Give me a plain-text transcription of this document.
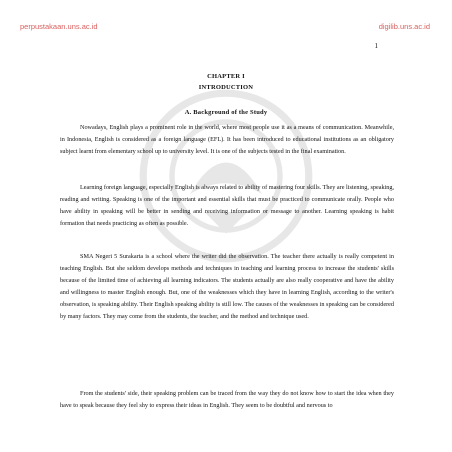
perpustakaan.uns.ac.id	digilib.uns.ac.id
1
CHAPTER I
INTRODUCTION
A. Background of the Study

Nowadays, English plays a prominent role in the world, where most people use it as a means of communication. Meanwhile, in Indonesia, English is considered as a foreign language (EFL). It has been introduced to educational institutions as an obligatory subject learnt from elementary school up to university level. It is one of the subjects tested in the final examination.

Learning foreign language, especially English is always related to ability of mastering four skills. They are listening, speaking, reading and writing. Speaking is one of the important and essential skills that must be practiced to communicate orally. People who have ability in speaking will be better in sending and receiving information or message to another. Learning speaking is habit formation that needs practicing as often as possible.

SMA Negeri 5 Surakarta is a school where the writer did the observation. The teacher there actually is really competent in teaching English. But she seldom develops methods and techniques in teaching and learning process to increase the students' skills because of the limited time of achieving all learning indicators. The students actually are also really cooperative and have the ability and willingness to master English enough. But, one of the weaknesses which they have in learning English, according to the writer's observation, is speaking ability. Their English speaking ability is still low. The causes of the weaknesses in speaking can be considered by many factors. They may come from the students, the teacher, and the method and technique used.

From the students' side, their speaking problem can be traced from the way they do not know how to start the idea when they have to speak because they feel shy to express their ideas in English. They seem to be doubtful and nervous to
